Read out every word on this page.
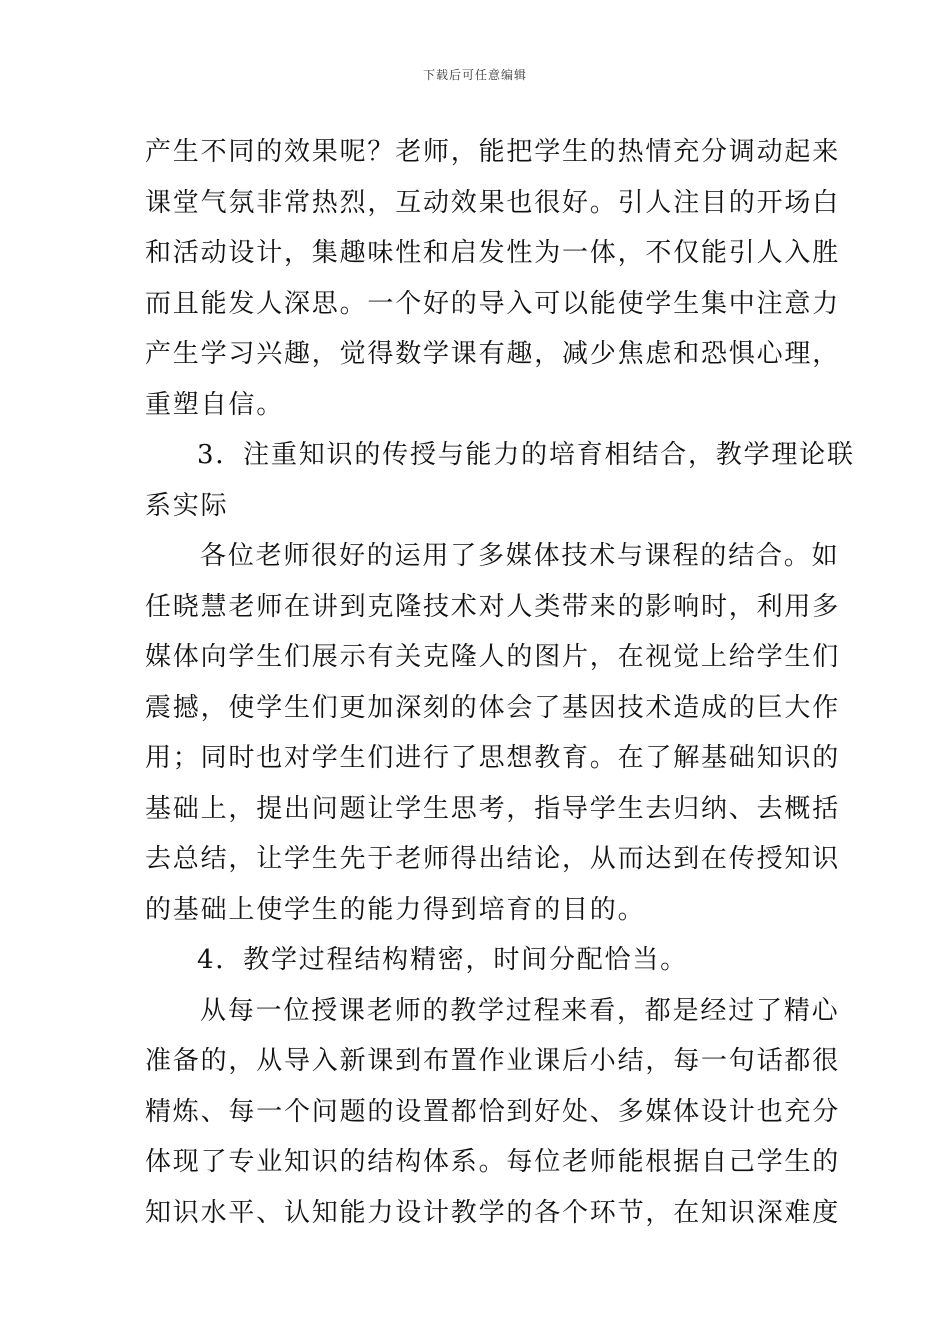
下载后可任意编辑
产生不同的效果呢？老师，能把学生的热情充分调动起来
课堂气氛非常热烈，互动效果也很好。引人注目的开场白
和活动设计，集趣味性和启发性为一体，不仅能引人入胜
而且能发人深思。一个好的导入可以能使学生集中注意力
产生学习兴趣，觉得数学课有趣，减少焦虑和恐惧心理，
重塑自信。
3．注重知识的传授与能力的培育相结合，教学理论联
系实际
各位老师很好的运用了多媒体技术与课程的结合。如
任晓慧老师在讲到克隆技术对人类带来的影响时，利用多
媒体向学生们展示有关克隆人的图片，在视觉上给学生们
震撼，使学生们更加深刻的体会了基因技术造成的巨大作
用；同时也对学生们进行了思想教育。在了解基础知识的
基础上，提出问题让学生思考，指导学生去归纳、去概括
去总结，让学生先于老师得出结论，从而达到在传授知识
的基础上使学生的能力得到培育的目的。
4．教学过程结构精密，时间分配恰当。
从每一位授课老师的教学过程来看，都是经过了精心
准备的，从导入新课到布置作业课后小结，每一句话都很
精炼、每一个问题的设置都恰到好处、多媒体设计也充分
体现了专业知识的结构体系。每位老师能根据自己学生的
知识水平、认知能力设计教学的各个环节，在知识深难度
